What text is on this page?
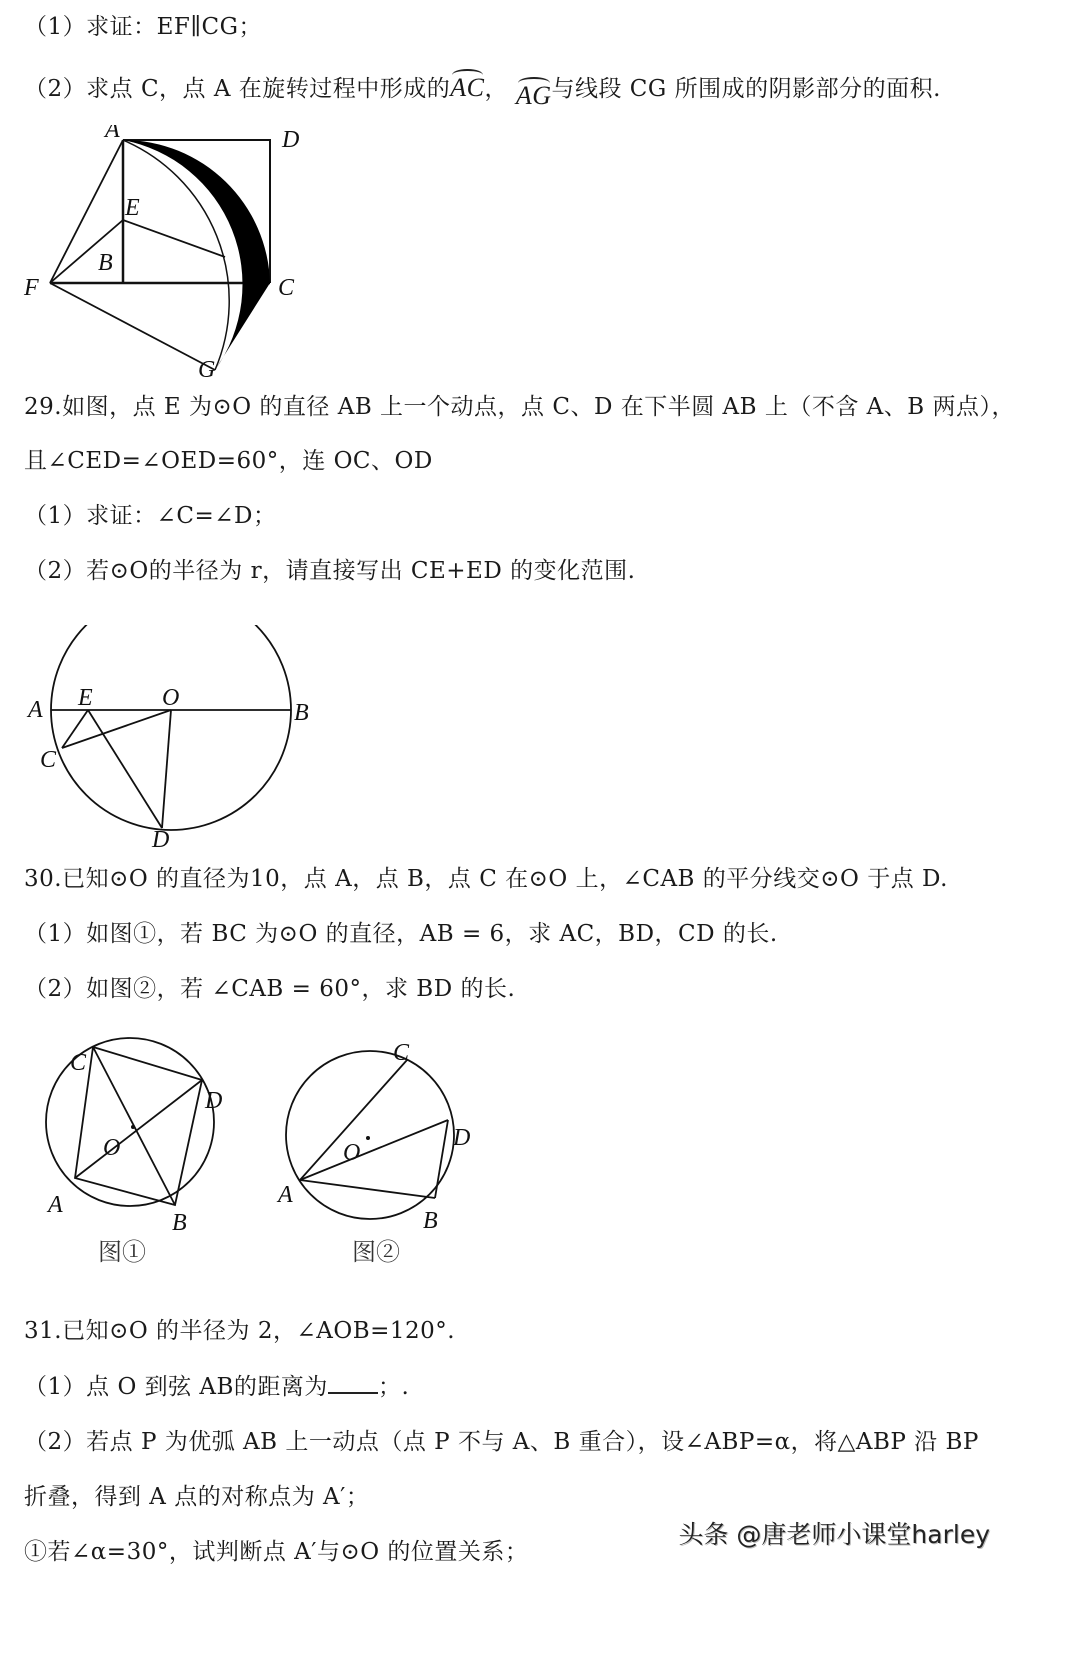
（1）求证：EF∥CG；
（2）求点 C，点 A 在旋转过程中形成的AC， AG与线段 CG 所围成的阴影部分的面积.
A	D
E
B
F	C
G
29.如图，点 E 为⊙O 的直径 AB 上一个动点，点 C、D 在下半圆 AB 上（不含 A、B 两点），
且∠CED=∠OED=60°，连 OC、OD
（1）求证：∠C=∠D；
（2）若⊙O的半径为 r，请直接写出 CE+ED 的变化范围.
A E	O
B
C
D
30.已知⊙O 的直径为10，点 A，点 B，点 C 在⊙O 上，∠CAB 的平分线交⊙O 于点 D.
（1）如图①，若 BC 为⊙O 的直径，AB = 6，求 AC，BD，CD 的长.
（2）如图②，若 ∠CAB = 60°，求 BD 的长.
C
D
O
A
B
图①
C
D
O
A
B
图②
31.已知⊙O 的半径为 2，∠AOB=120°.
（1）点 O 到弦 AB的距离为 ；.
（2）若点 P 为优弧 AB 上一动点（点 P 不与 A、B 重合），设∠ABP=α，将△ABP 沿 BP
折叠，得到 A 点的对称点为 A′；
①若∠α=30°，试判断点 A′与⊙O 的位置关系；
头条 @唐老师小课堂harley
